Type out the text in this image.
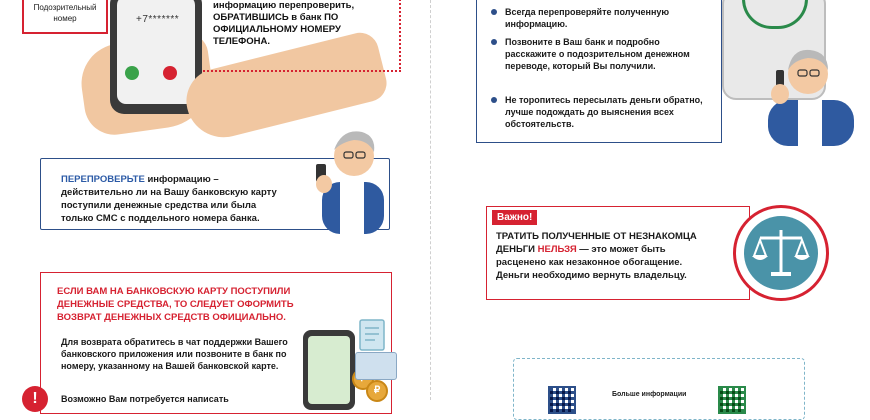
+7*******
Подозрительный номер
информацию перепроверить, ОБРАТИВШИСЬ в банк ПО ОФИЦИАЛЬНОМУ НОМЕРУ ТЕЛЕФОНА.
ПЕРЕПРОВЕРЬТЕ информацию – действительно ли на Вашу банковскую карту поступили денежные средства или была только СМС с поддельного номера банка.
ЕСЛИ ВАМ НА БАНКОВСКУЮ КАРТУ ПОСТУПИЛИ ДЕНЕЖНЫЕ СРЕДСТВА, ТО СЛЕДУЕТ ОФОРМИТЬ ВОЗВРАТ ДЕНЕЖНЫХ СРЕДСТВ ОФИЦИАЛЬНО.
Для возврата обратитесь в чат поддержки Вашего банковского приложения или позвоните в банк по номеру, указанному на Вашей банковской карте.
Возможно Вам потребуется написать
!	₽
Всегда перепроверяйте полученную информацию.
Позвоните в Ваш банк и подробно расскажите о подозрительном денежном переводе, который Вы получили.
Не торопитесь пересылать деньги обратно, лучше подождать до выяснения всех обстоятельств.
Важно!
ТРАТИТЬ ПОЛУЧЕННЫЕ ОТ НЕЗНАКОМЦА ДЕНЬГИ НЕЛЬЗЯ — это может быть расценено как незаконное обогащение. Деньги необходимо вернуть владельцу.
Больше информации
